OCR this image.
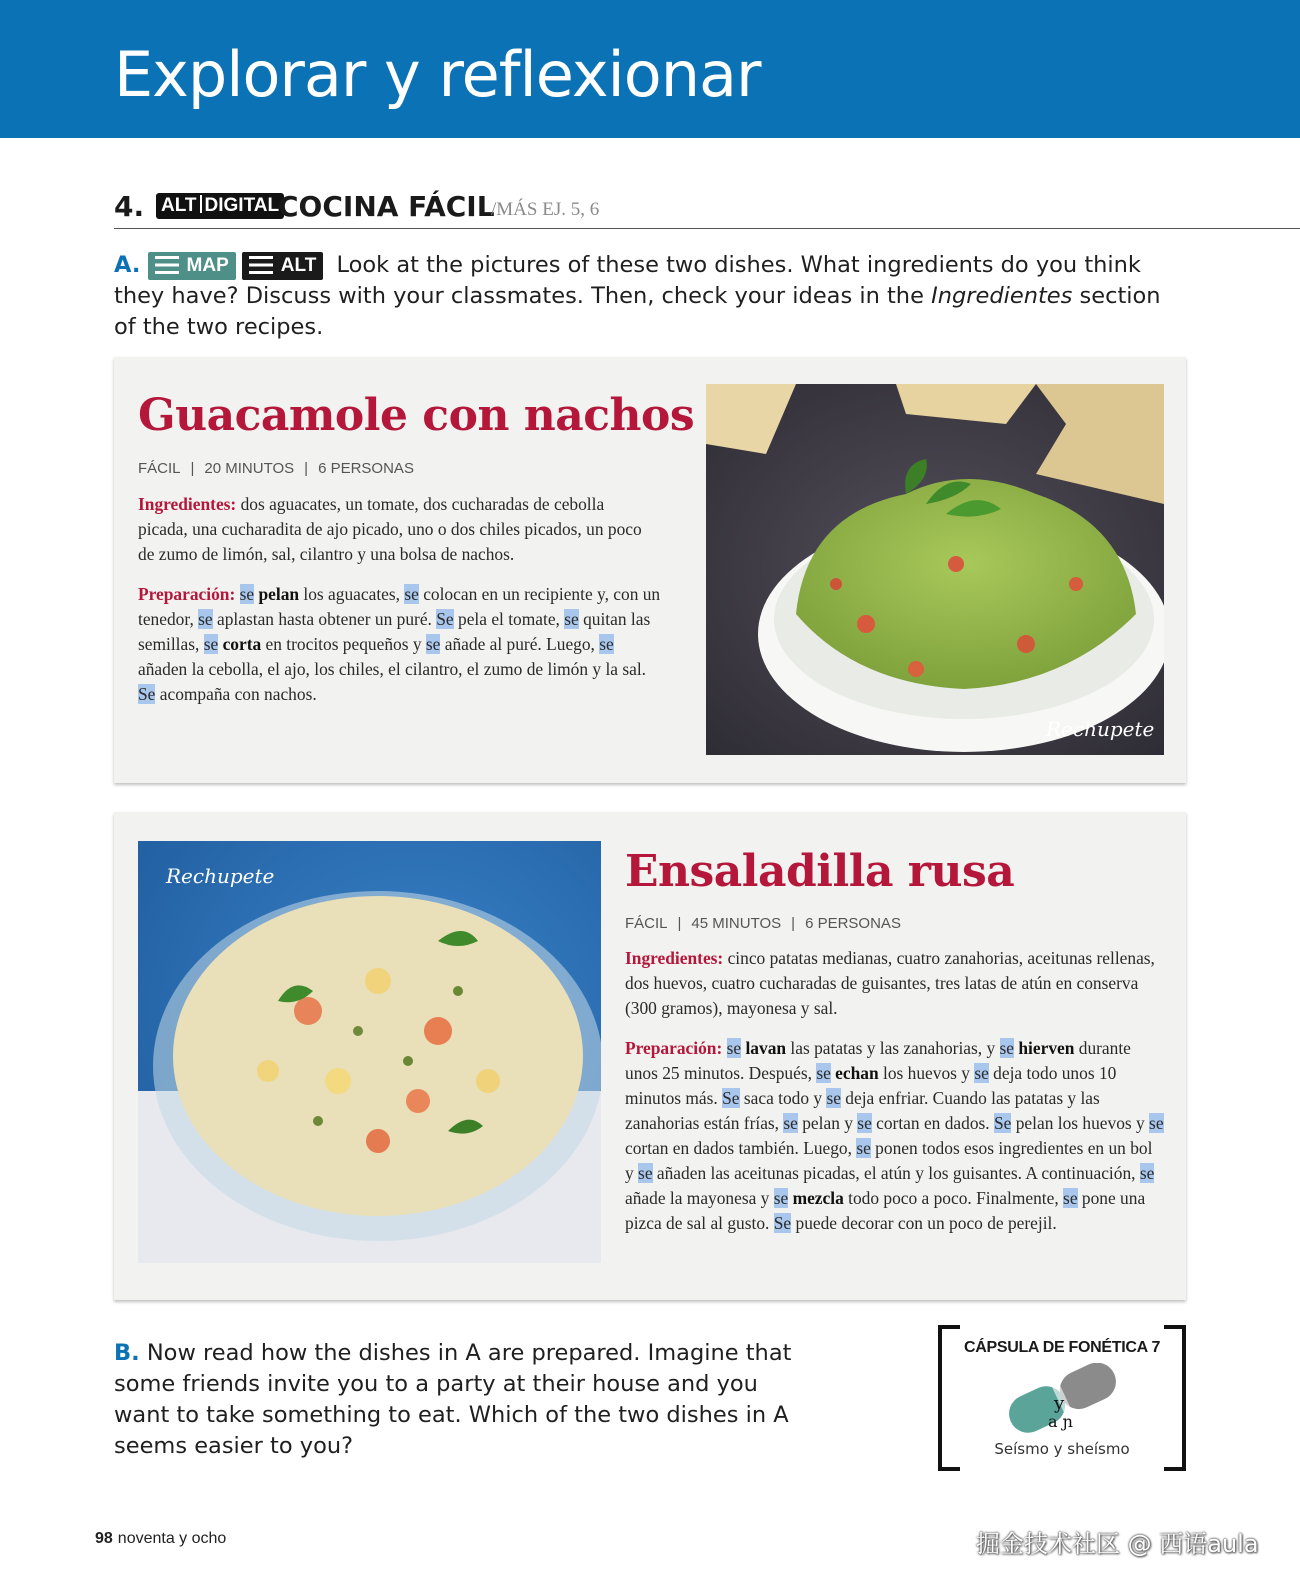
Explorar y reflexionar
4. ALT DIGITAL
COCINA FÁCIL
/MÁS EJ. 5, 6

A. MAP	ALT Look at the pictures of these two dishes. What ingredients do you think they have? Discuss with your classmates. Then, check your ideas in the Ingredientes section of the two recipes.

Guacamole con nachos
FÁCIL | 20 MINUTOS | 6 PERSONAS

Ingredientes: dos aguacates, un tomate, dos cucharadas de cebolla picada, una cucharadita de ajo picado, uno o dos chiles picados, un poco de zumo de limón, sal, cilantro y una bolsa de nachos.

Preparación: se pelan los aguacates, se colocan en un recipiente y, con un tenedor, se aplastan hasta obtener un puré. Se pela el tomate, se quitan las semillas, se corta en trocitos pequeños y se añade al puré. Luego, se añaden la cebolla, el ajo, los chiles, el cilantro, el zumo de limón y la sal. Se acompaña con nachos.

Rechupete
Rechupete	Ensaladilla rusa
FÁCIL | 45 MINUTOS | 6 PERSONAS

Ingredientes: cinco patatas medianas, cuatro zanahorias, aceitunas rellenas, dos huevos, cuatro cucharadas de guisantes, tres latas de atún en conserva (300 gramos), mayonesa y sal.

Preparación: se lavan las patatas y las zanahorias, y se hierven durante unos 25 minutos. Después, se echan los huevos y se deja todo unos 10 minutos más. Se saca todo y se deja enfriar. Cuando las patatas y las zanahorias están frías, se pelan y se cortan en dados. Se pelan los huevos y se cortan en dados también. Luego, se ponen todos esos ingredientes en un bol y se añaden las aceitunas picadas, el atún y los guisantes. A continuación, se añade la mayonesa y se mezcla todo poco a poco. Finalmente, se pone una pizca de sal al gusto. Se puede decorar con un poco de perejil.

B. Now read how the dishes in A are prepared. Imagine that some friends invite you to a party at their house and you want to take something to eat. Which of the two dishes in A seems easier to you?

CÁPSULA DE FONÉTICA 7
y
a ɲ
Seísmo y sheísmo
98 noventa y ocho	掘金技术社区 @ 西语aula
